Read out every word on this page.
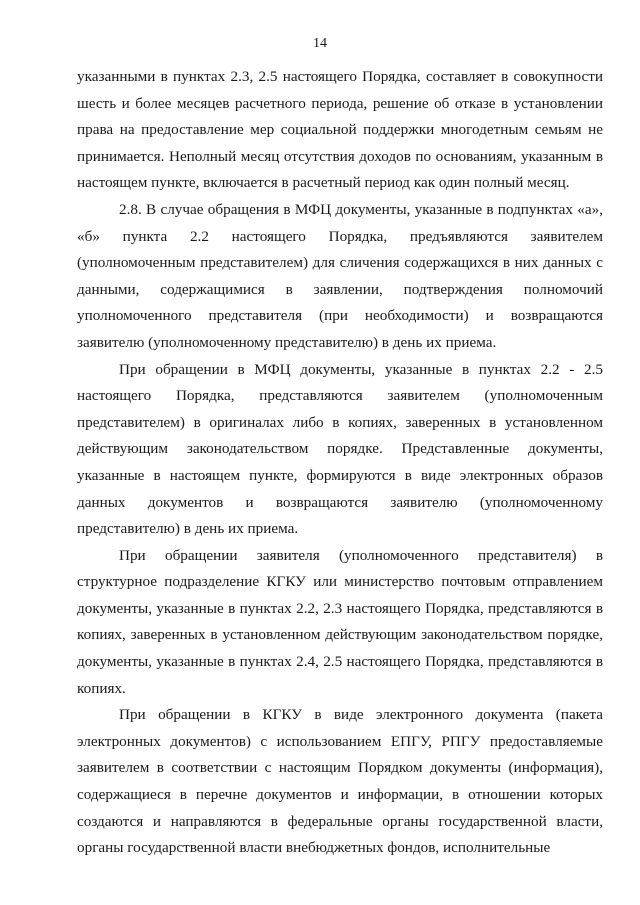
14

указанными в пунктах 2.3, 2.5 настоящего Порядка, составляет в совокупности шесть и более месяцев расчетного периода, решение об отказе в установлении права на предоставление мер социальной поддержки многодетным семьям не принимается. Неполный месяц отсутствия доходов по основаниям, указанным в настоящем пункте, включается в расчетный период как один полный месяц.

2.8. В случае обращения в МФЦ документы, указанные в подпунктах «а», «б» пункта 2.2 настоящего Порядка, предъявляются заявителем (уполномоченным представителем) для сличения содержащихся в них данных с данными, содержащимися в заявлении, подтверждения полномочий уполномоченного представителя (при необходимости) и возвращаются заявителю (уполномоченному представителю) в день их приема.

При обращении в МФЦ документы, указанные в пунктах 2.2 - 2.5 настоящего Порядка, представляются заявителем (уполномоченным представителем) в оригиналах либо в копиях, заверенных в установленном действующим законодательством порядке. Представленные документы, указанные в настоящем пункте, формируются в виде электронных образов данных документов и возвращаются заявителю (уполномоченному представителю) в день их приема.

При обращении заявителя (уполномоченного представителя) в структурное подразделение КГКУ или министерство почтовым отправлением документы, указанные в пунктах 2.2, 2.3 настоящего Порядка, представляются в копиях, заверенных в установленном действующим законодательством порядке, документы, указанные в пунктах 2.4, 2.5 настоящего Порядка, представляются в копиях.

При обращении в КГКУ в виде электронного документа (пакета электронных документов) с использованием ЕПГУ, РПГУ предоставляемые заявителем в соответствии с настоящим Порядком документы (информация), содержащиеся в перечне документов и информации, в отношении которых создаются и направляются в федеральные органы государственной власти, органы государственной власти внебюджетных фондов, исполнительные
